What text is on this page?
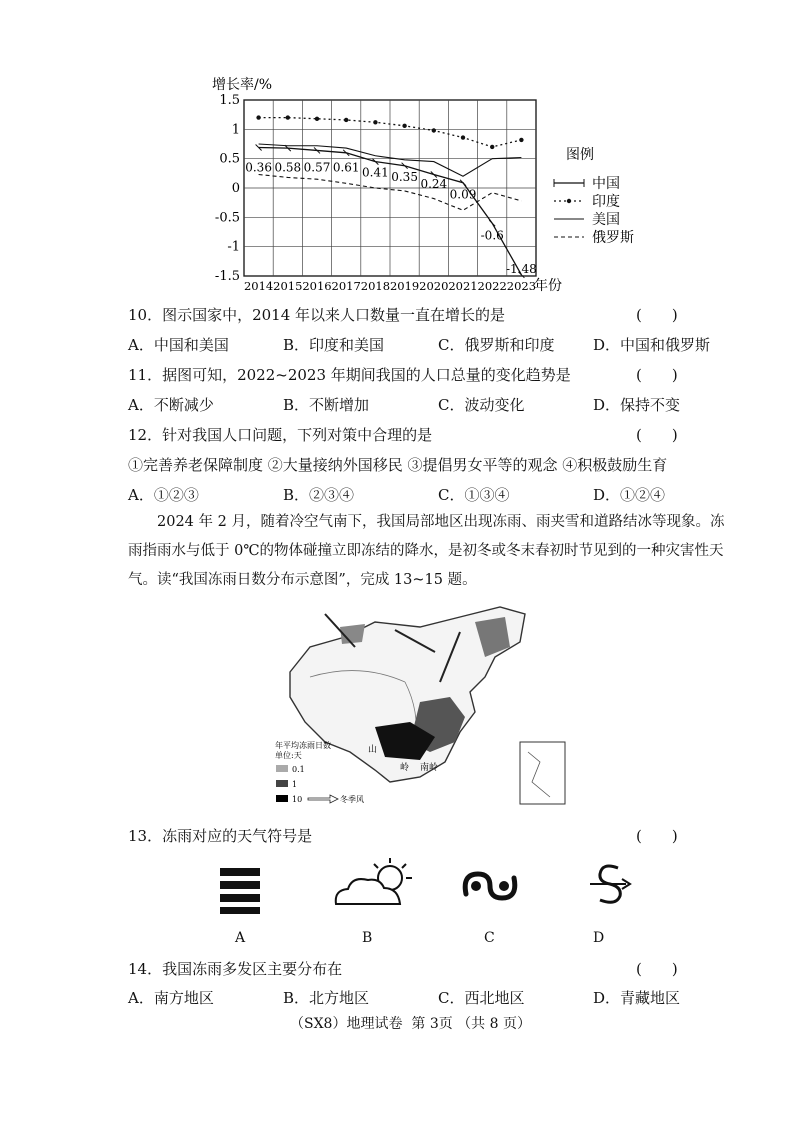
1.5
1
0.5
0
-0.5
-1
-1.5
2014 2015 2016 2017 2018 2019 2020 2021 2022 2023
0.36 0.58 0.57 0.61 0.41 0.35
0.24
0.09
-0.6
-1.48
增长率/%
年份
图例
中国
印度
美国
俄罗斯
10．图示国家中，2014 年以来人口数量一直在增长的是	(　　)
A．中国和美国	B．印度和美国	C．俄罗斯和印度	D．中国和俄罗斯
11．据图可知，2022~2023 年期间我国的人口总量的变化趋势是	(　　)
A．不断减少	B．不断增加	C．波动变化	D．保持不变
12．针对我国人口问题，下列对策中合理的是	(　　)
①完善养老保障制度 ②大量接纳外国移民 ③提倡男女平等的观念 ④积极鼓励生育
A．①②③	B．②③④	C．①③④	D．①②④
2024 年 2 月，随着冷空气南下，我国局部地区出现冻雨、雨夹雪和道路结冰等现象。冻雨指雨水与低于 0℃的物体碰撞立即冻结的降水，是初冬或冬末春初时节见到的一种灾害性天气。读“我国冻雨日数分布示意图”，完成 13~15 题。
南岭
山
岭
年平均冻雨日数
单位:天
0.1
1
10	冬季风
13．冻雨对应的天气符号是	(　　)
A	B	C	D
14．我国冻雨多发区主要分布在	(　　)
A．南方地区	B．北方地区	C．西北地区	D．青藏地区
（SX8）地理试卷  第 3页 （共 8 页）
